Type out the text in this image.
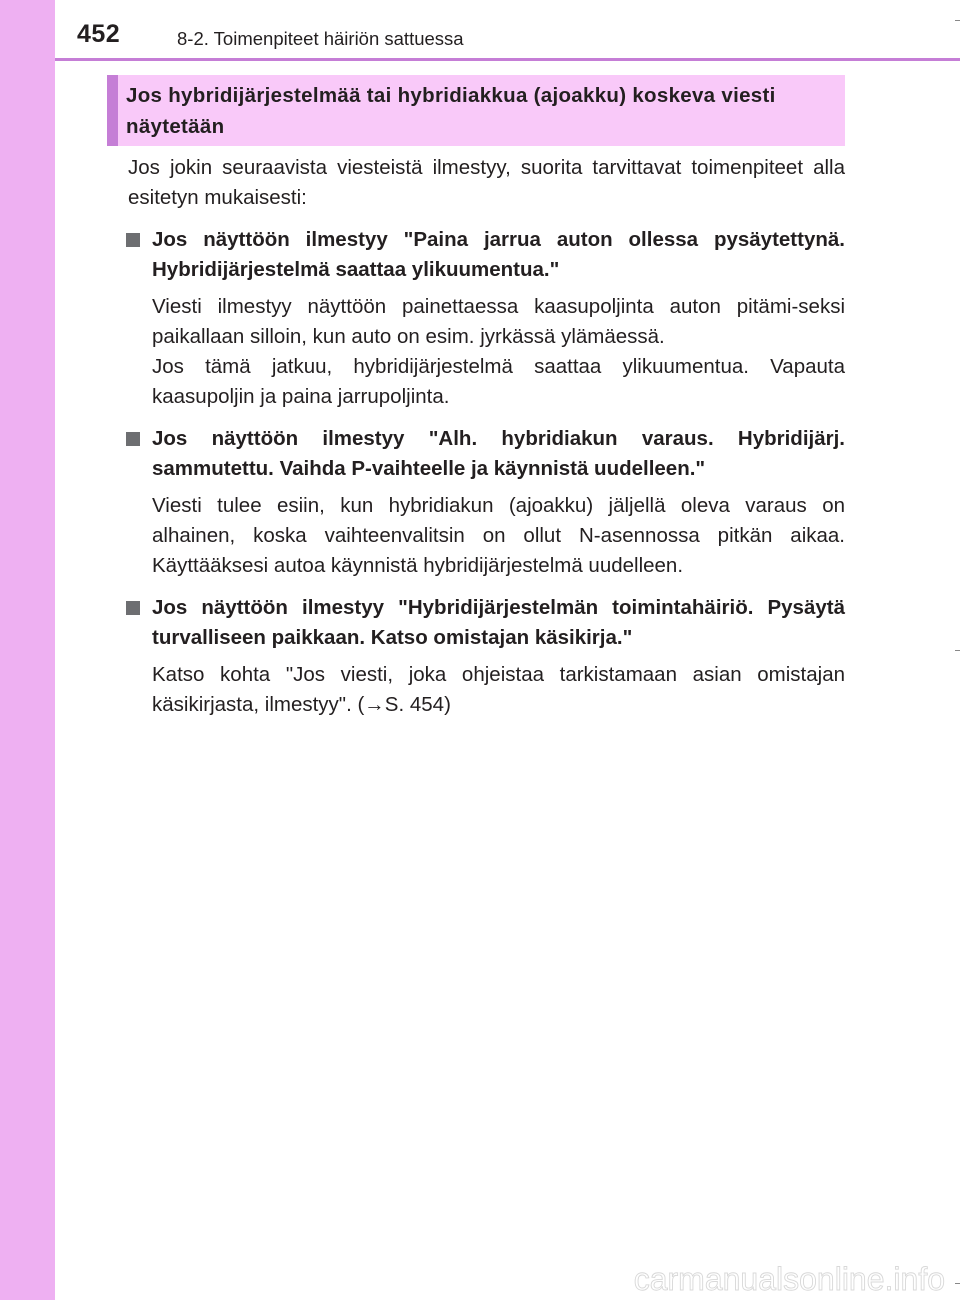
452	8-2. Toimenpiteet häiriön sattuessa
Jos hybridijärjestelmää tai hybridiakkua (ajoakku) koskeva viesti näytetään
Jos jokin seuraavista viesteistä ilmestyy, suorita tarvittavat toimenpiteet alla esitetyn mukaisesti:
Jos näyttöön ilmestyy "Paina jarrua auton ollessa pysäytettynä. Hybridijärjestelmä saattaa ylikuumentua."

Viesti ilmestyy näyttöön painettaessa kaasupoljinta auton pitämi-seksi paikallaan silloin, kun auto on esim. jyrkässä ylämäessä.

Jos tämä jatkuu, hybridijärjestelmä saattaa ylikuumentua. Vapauta kaasupoljin ja paina jarrupoljinta.

Jos näyttöön ilmestyy "Alh. hybridiakun varaus. Hybridijärj. sammutettu. Vaihda P-vaihteelle ja käynnistä uudelleen."

Viesti tulee esiin, kun hybridiakun (ajoakku) jäljellä oleva varaus on alhainen, koska vaihteenvalitsin on ollut N-asennossa pitkän aikaa. Käyttääksesi autoa käynnistä hybridijärjestelmä uudelleen.

Jos näyttöön ilmestyy "Hybridijärjestelmän toimintahäiriö. Pysäytä turvalliseen paikkaan. Katso omistajan käsikirja."

Katso kohta "Jos viesti, joka ohjeistaa tarkistamaan asian omistajan käsikirjasta, ilmestyy". (→S. 454)

carmanualsonline.info
